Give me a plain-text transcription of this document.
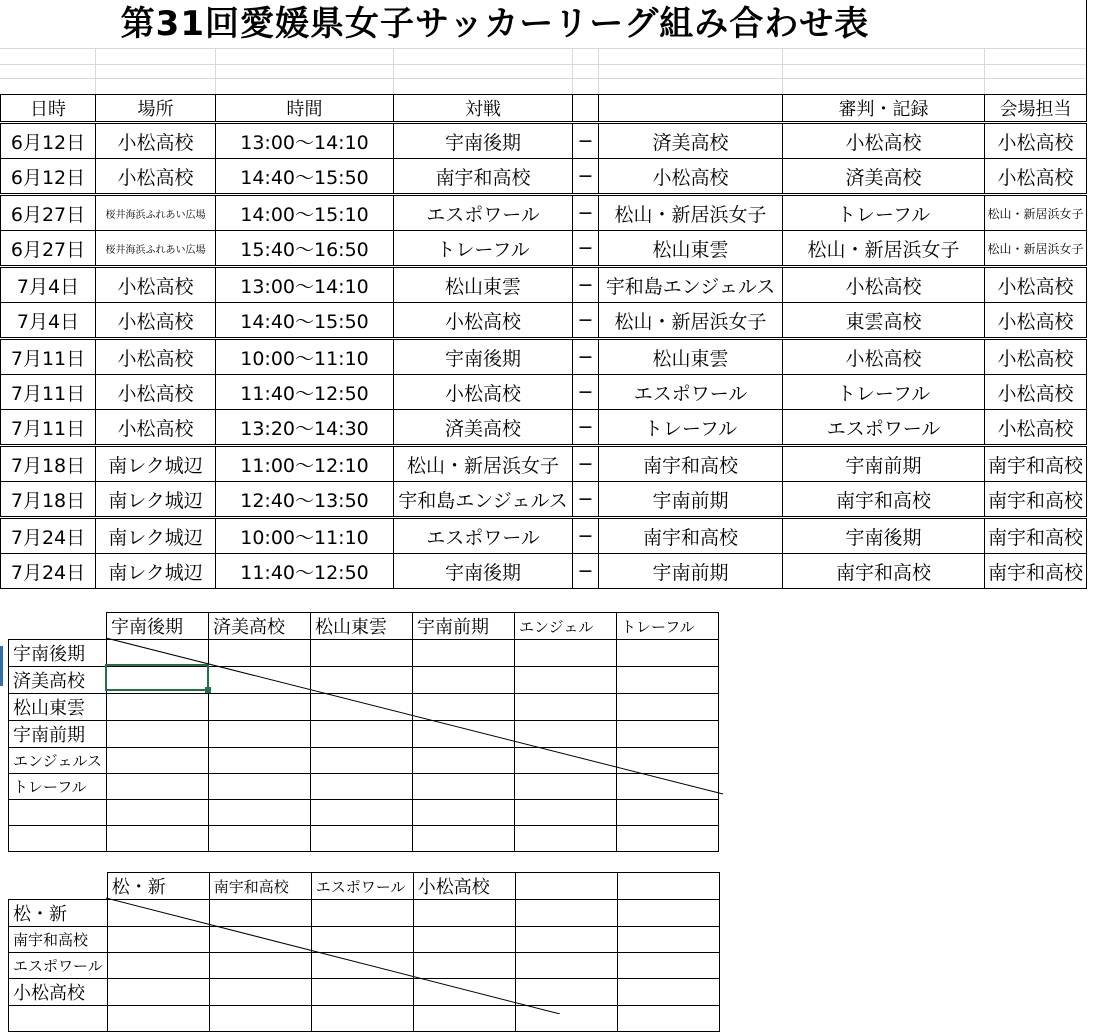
第31回愛媛県女子サッカーリーグ組み合わせ表
日時	場所	時間	対戦			審判・記録	会場担当
6月12日	小松高校	13:00〜14:10	宇南後期	−	済美高校	小松高校	小松高校
6月12日	小松高校	14:40〜15:50	南宇和高校	−	小松高校	済美高校	小松高校
6月27日	桜井海浜ふれあい広場	14:00〜15:10	エスポワール	−	松山・新居浜女子	トレーフル	松山・新居浜女子
6月27日	桜井海浜ふれあい広場	15:40〜16:50	トレーフル	−	松山東雲	松山・新居浜女子	松山・新居浜女子
7月4日	小松高校	13:00〜14:10	松山東雲	−	宇和島エンジェルス	小松高校	小松高校
7月4日	小松高校	14:40〜15:50	小松高校	−	松山・新居浜女子	東雲高校	小松高校
7月11日	小松高校	10:00〜11:10	宇南後期	−	松山東雲	小松高校	小松高校
7月11日	小松高校	11:40〜12:50	小松高校	−	エスポワール	トレーフル	小松高校
7月11日	小松高校	13:20〜14:30	済美高校	−	トレーフル	エスポワール	小松高校
7月18日	南レク城辺	11:00〜12:10	松山・新居浜女子	−	南宇和高校	宇南前期	南宇和高校
7月18日	南レク城辺	12:40〜13:50	宇和島エンジェルス	−	宇南前期	南宇和高校	南宇和高校
7月24日	南レク城辺	10:00〜11:10	エスポワール	−	南宇和高校	宇南後期	南宇和高校
7月24日	南レク城辺	11:40〜12:50	宇南後期	−	宇南前期	南宇和高校	南宇和高校
	宇南後期	済美高校	松山東雲	宇南前期	エンジェル	トレーフル
宇南後期						
済美高校						
松山東雲						
宇南前期						
エンジェルス						
トレーフル						

	松・新	南宇和高校	エスポワール	小松高校		
松・新						
南宇和高校						
エスポワール						
小松高校						
